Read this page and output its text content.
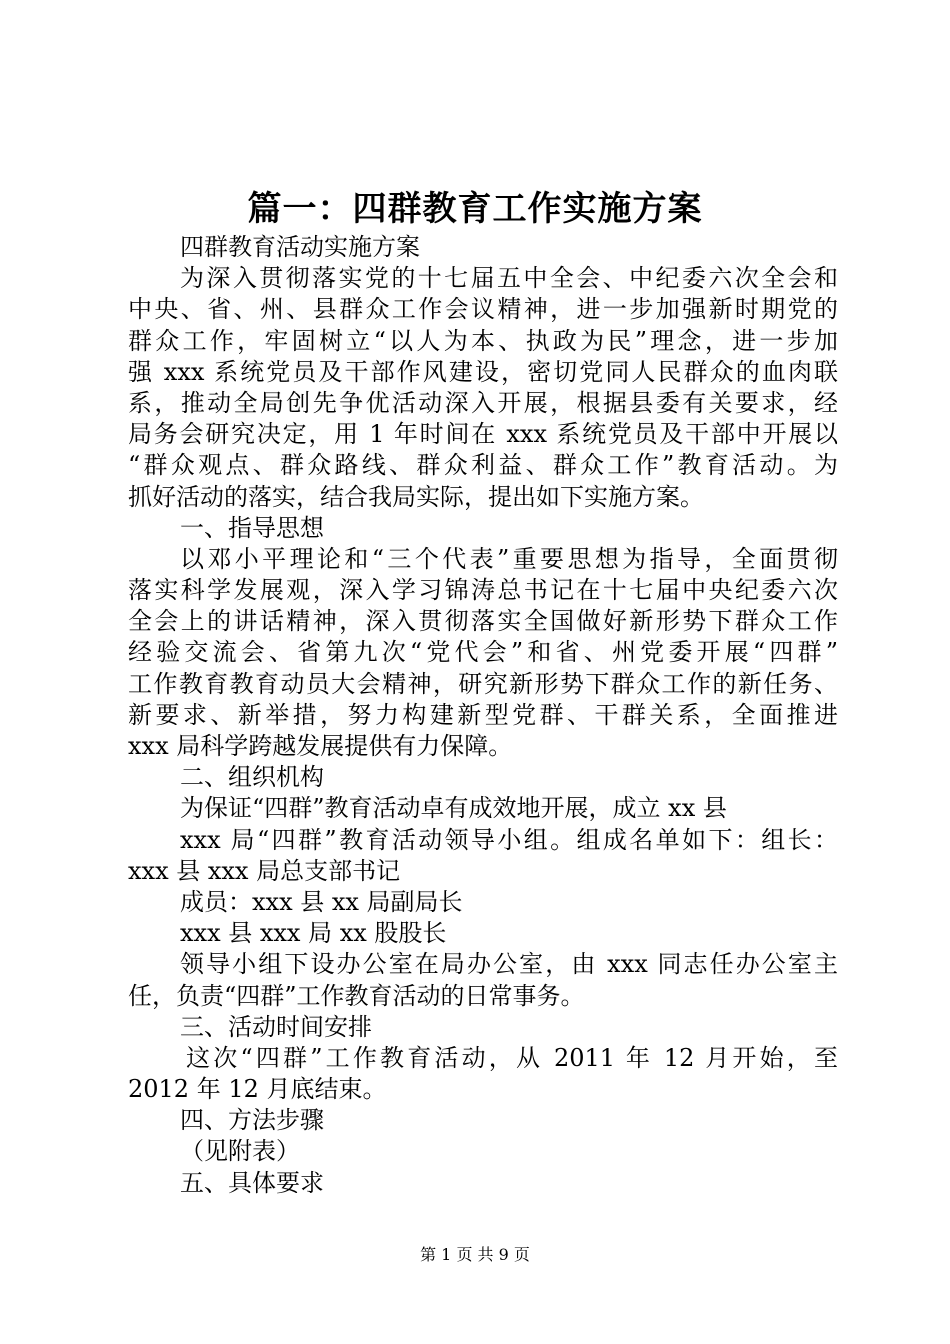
篇一：四群教育工作实施方案
四群教育活动实施方案
为深入贯彻落实党的十七届五中全会、中纪委六次全会和
中央、省、州、县群众工作会议精神，进一步加强新时期党的
群众工作，牢固树立“以人为本、执政为民”理念，进一步加
强 xxx 系统党员及干部作风建设，密切党同人民群众的血肉联
系，推动全局创先争优活动深入开展，根据县委有关要求，经
局务会研究决定，用 1 年时间在 xxx 系统党员及干部中开展以
“群众观点、群众路线、群众利益、群众工作”教育活动。为
抓好活动的落实，结合我局实际，提出如下实施方案。
一、指导思想
以邓小平理论和“三个代表”重要思想为指导，全面贯彻
落实科学发展观，深入学习锦涛总书记在十七届中央纪委六次
全会上的讲话精神，深入贯彻落实全国做好新形势下群众工作
经验交流会、省第九次“党代会”和省、州党委开展“四群”
工作教育教育动员大会精神，研究新形势下群众工作的新任务、
新要求、新举措，努力构建新型党群、干群关系，全面推进
xxx 局科学跨越发展提供有力保障。
二、组织机构
为保证“四群”教育活动卓有成效地开展，成立 xx 县
xxx 局“四群”教育活动领导小组。组成名单如下：组长：
xxx 县 xxx 局总支部书记
成员：xxx 县 xx 局副局长
xxx 县 xxx 局 xx 股股长
领导小组下设办公室在局办公室，由 xxx 同志任办公室主
任，负责“四群”工作教育活动的日常事务。
三、活动时间安排
这次“四群”工作教育活动，从 2011 年 12 月开始，至
2012 年 12 月底结束。
四、方法步骤
（见附表）
五、具体要求
第 1 页 共 9 页
